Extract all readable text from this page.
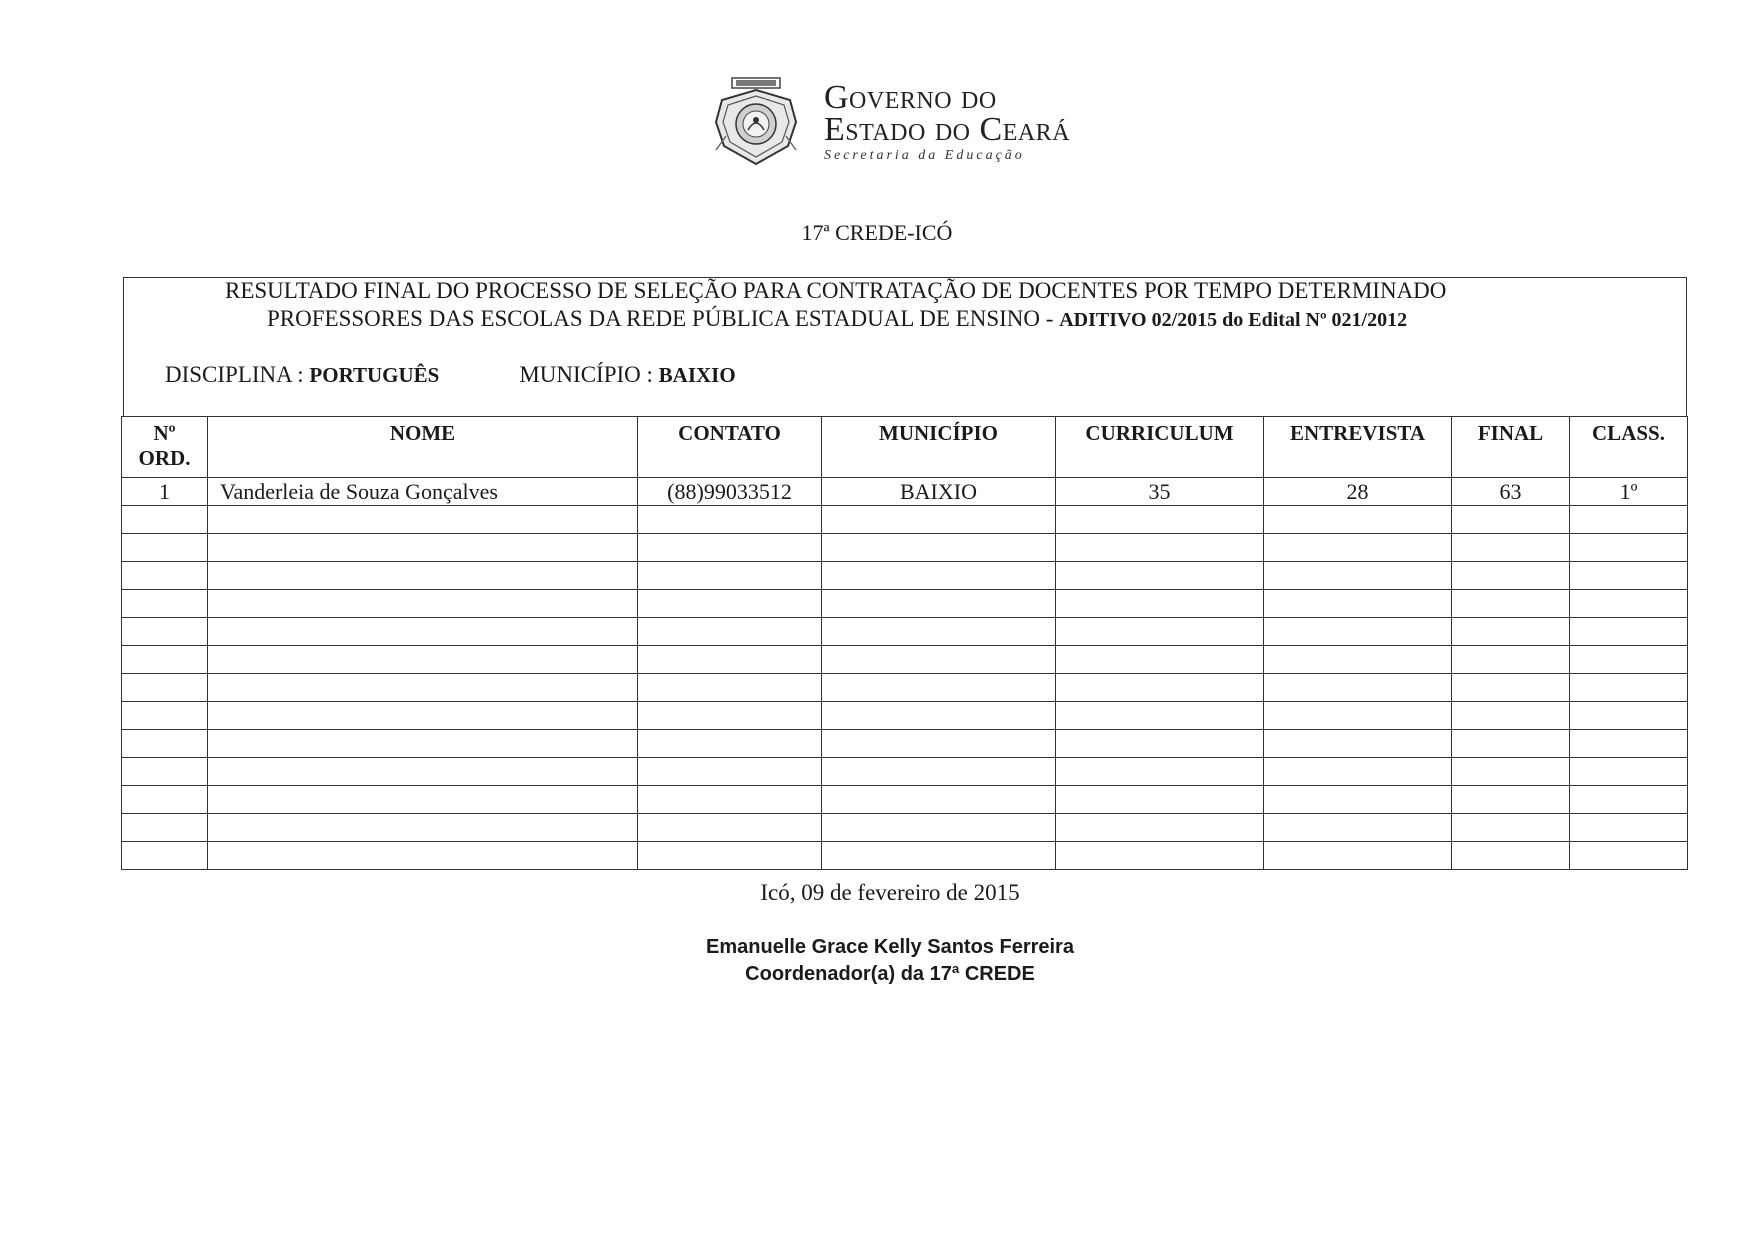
Governo do
Estado do Ceará
Secretaria da Educação
17ª CREDE-ICÓ
RESULTADO FINAL DO PROCESSO DE SELEÇÃO PARA CONTRATAÇÃO DE DOCENTES POR TEMPO DETERMINADO
PROFESSORES DAS ESCOLAS DA REDE PÚBLICA ESTADUAL DE ENSINO - ADITIVO 02/2015 do Edital Nº 021/2012
DISCIPLINA : PORTUGUÊS	MUNICÍPIO : BAIXIO
Nº
ORD.	NOME	CONTATO	MUNICÍPIO	CURRICULUM	ENTREVISTA	FINAL	CLASS.
1	Vanderleia de Souza Gonçalves	(88)99033512	BAIXIO	35	28	63	1º

Icó, 09 de fevereiro de 2015
Emanuelle Grace Kelly Santos Ferreira
Coordenador(a) da 17ª CREDE
